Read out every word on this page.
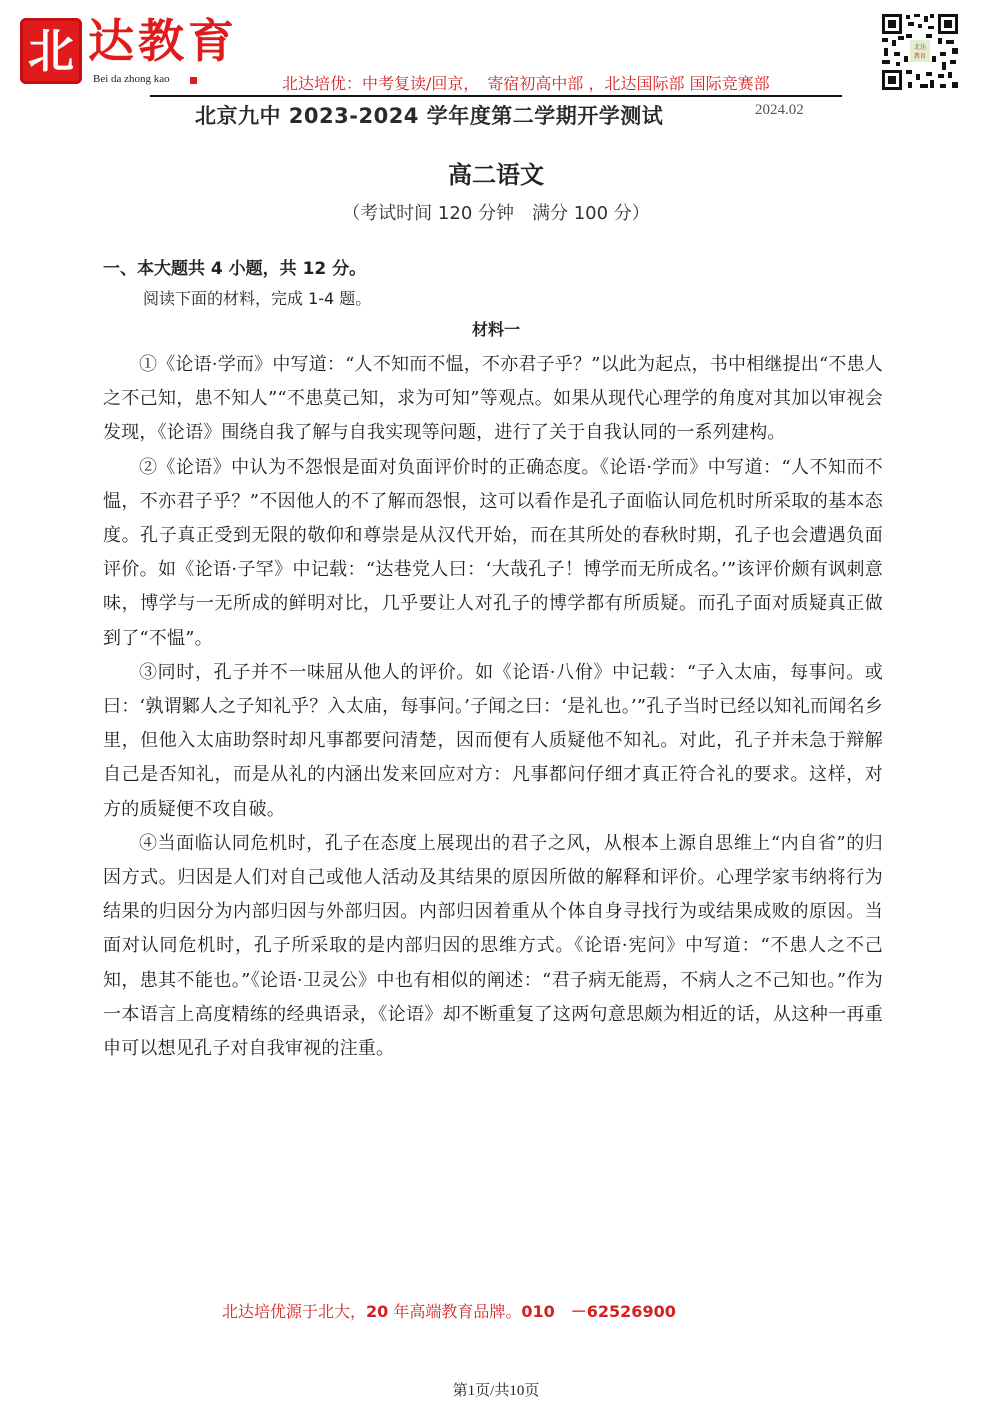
北 达教育
Bei da zhong kao	北达培优：中考复读/回京，　寄宿初高中部 ，北达国际部 国际竞赛部
北达
教育
北京九中 2023-2024 学年度第二学期开学测试	2024.02
高二语文
（考试时间 120 分钟　满分 100 分）
一、本大题共 4 小题，共 12 分。
阅读下面的材料，完成 1-4 题。
材料一

①《论语·学而》中写道：“人不知而不愠，不亦君子乎？”以此为起点，书中相继提出“不患人之不己知，患不知人”“不患莫己知，求为可知”等观点。如果从现代心理学的角度对其加以审视会发现，《论语》围绕自我了解与自我实现等问题，进行了关于自我认同的一系列建构。

②《论语》中认为不怨恨是面对负面评价时的正确态度。《论语·学而》中写道：“人不知而不愠，不亦君子乎？”不因他人的不了解而怨恨，这可以看作是孔子面临认同危机时所采取的基本态度。孔子真正受到无限的敬仰和尊崇是从汉代开始，而在其所处的春秋时期，孔子也会遭遇负面评价。如《论语·子罕》中记载：“达巷党人曰：‘大哉孔子！博学而无所成名。’”该评价颇有讽刺意味，博学与一无所成的鲜明对比，几乎要让人对孔子的博学都有所质疑。而孔子面对质疑真正做到了“不愠”。

③同时，孔子并不一味屈从他人的评价。如《论语·八佾》中记载：“子入太庙，每事问。或曰：‘孰谓鄹人之子知礼乎？入太庙，每事问。’子闻之曰：‘是礼也。’”孔子当时已经以知礼而闻名乡里，但他入太庙助祭时却凡事都要问清楚，因而便有人质疑他不知礼。对此，孔子并未急于辩解自己是否知礼，而是从礼的内涵出发来回应对方：凡事都问仔细才真正符合礼的要求。这样，对方的质疑便不攻自破。

④当面临认同危机时，孔子在态度上展现出的君子之风，从根本上源自思维上“内自省”的归因方式。归因是人们对自己或他人活动及其结果的原因所做的解释和评价。心理学家韦纳将行为结果的归因分为内部归因与外部归因。内部归因着重从个体自身寻找行为或结果成败的原因。当面对认同危机时，孔子所采取的是内部归因的思维方式。《论语·宪问》中写道：“不患人之不己知，患其不能也。”《论语·卫灵公》中也有相似的阐述：“君子病无能焉，不病人之不己知也。”作为一本语言上高度精练的经典语录，《论语》却不断重复了这两句意思颇为相近的话，从这种一再重申可以想见孔子对自我审视的注重。

北达培优源于北大，20 年高端教育品牌。010　－62526900
第1页/共10页
